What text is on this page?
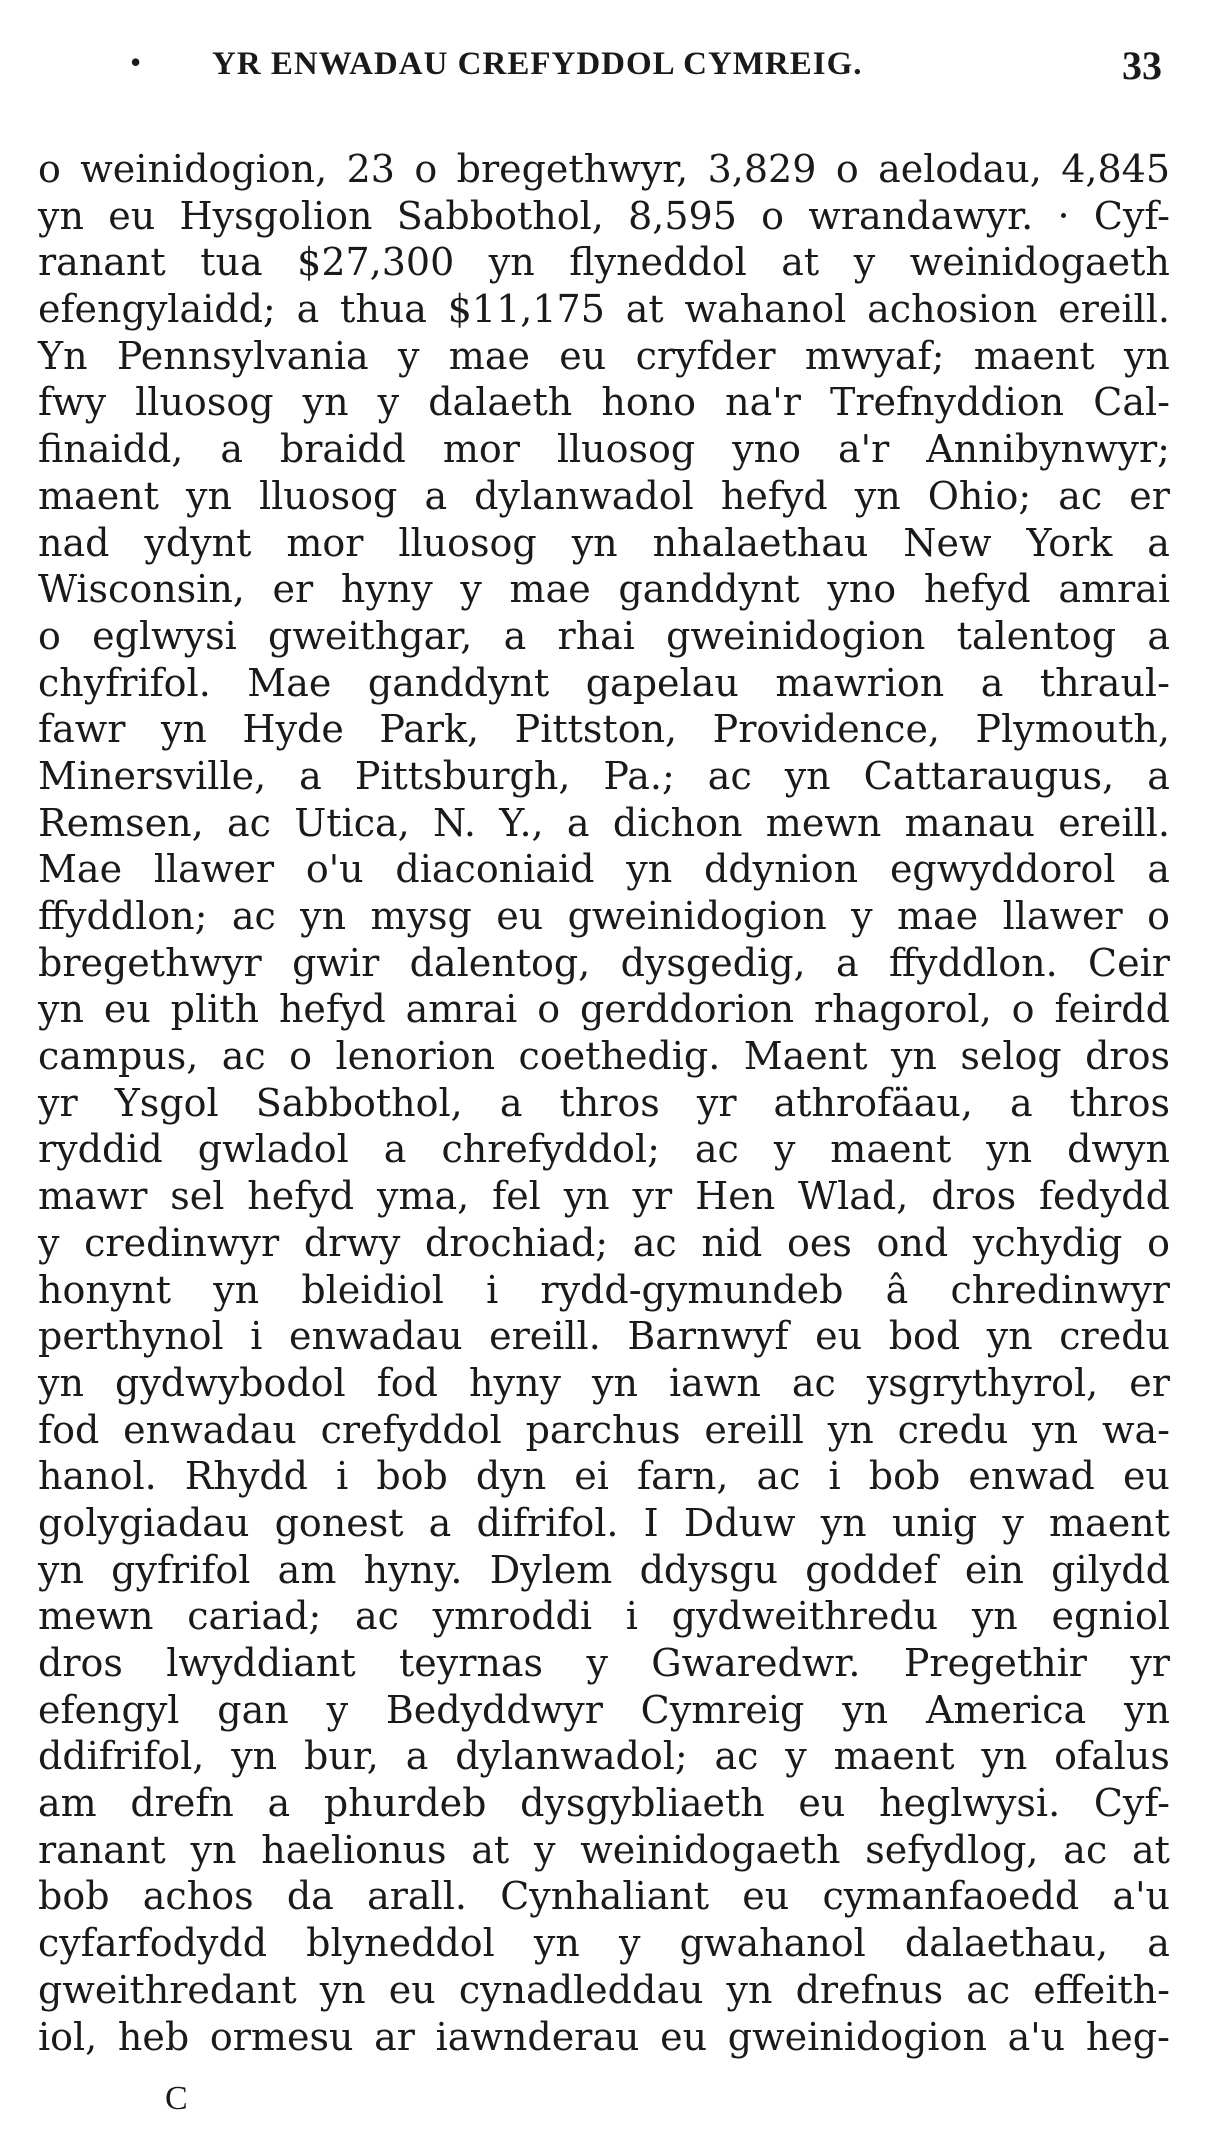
• YR ENWADAU CREFYDDOL CYMREIG.	33
o weinidogion, 23 o bregethwyr, 3,829 o aelodau, 4,845
yn eu Hysgolion Sabbothol, 8,595 o wrandawyr. · Cyf-
ranant tua $27,300 yn flyneddol at y weinidogaeth
efengylaidd; a thua $11,175 at wahanol achosion ereill.
Yn Pennsylvania y mae eu cryfder mwyaf; maent yn
fwy lluosog yn y dalaeth hono na'r Trefnyddion Cal-
finaidd, a braidd mor lluosog yno a'r Annibynwyr;
maent yn lluosog a dylanwadol hefyd yn Ohio; ac er
nad ydynt mor lluosog yn nhalaethau New York a
Wisconsin, er hyny y mae ganddynt yno hefyd amrai
o eglwysi gweithgar, a rhai gweinidogion talentog a
chyfrifol. Mae ganddynt gapelau mawrion a thraul-
fawr yn Hyde Park, Pittston, Providence, Plymouth,
Minersville, a Pittsburgh, Pa.; ac yn Cattaraugus, a
Remsen, ac Utica, N. Y., a dichon mewn manau ereill.
Mae llawer o'u diaconiaid yn ddynion egwyddorol a
ffyddlon; ac yn mysg eu gweinidogion y mae llawer o
bregethwyr gwir dalentog, dysgedig, a ffyddlon. Ceir
yn eu plith hefyd amrai o gerddorion rhagorol, o feirdd
campus, ac o lenorion coethedig. Maent yn selog dros
yr Ysgol Sabbothol, a thros yr athrofäau, a thros
ryddid gwladol a chrefyddol; ac y maent yn dwyn
mawr sel hefyd yma, fel yn yr Hen Wlad, dros fedydd
y credinwyr drwy drochiad; ac nid oes ond ychydig o
honynt yn bleidiol i rydd-gymundeb â chredinwyr
perthynol i enwadau ereill. Barnwyf eu bod yn credu
yn gydwybodol fod hyny yn iawn ac ysgrythyrol, er
fod enwadau crefyddol parchus ereill yn credu yn wa-
hanol. Rhydd i bob dyn ei farn, ac i bob enwad eu
golygiadau gonest a difrifol. I Dduw yn unig y maent
yn gyfrifol am hyny. Dylem ddysgu goddef ein gilydd
mewn cariad; ac ymroddi i gydweithredu yn egniol
dros lwyddiant teyrnas y Gwaredwr. Pregethir yr
efengyl gan y Bedyddwyr Cymreig yn America yn
ddifrifol, yn bur, a dylanwadol; ac y maent yn ofalus
am drefn a phurdeb dysgybliaeth eu heglwysi. Cyf-
ranant yn haelionus at y weinidogaeth sefydlog, ac at
bob achos da arall. Cynhaliant eu cymanfaoedd a'u
cyfarfodydd blyneddol yn y gwahanol dalaethau, a
gweithredant yn eu cynadleddau yn drefnus ac effeith-
iol, heb ormesu ar iawnderau eu gweinidogion a'u heg-
C
